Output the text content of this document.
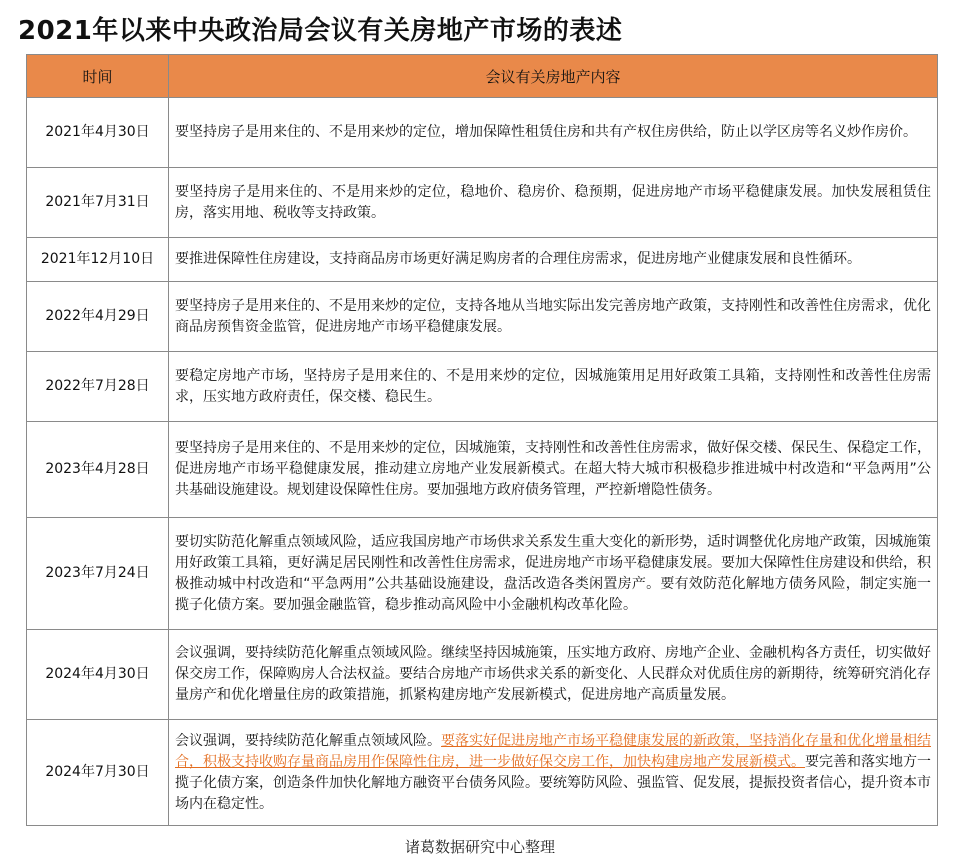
2021年以来中央政治局会议有关房地产市场的表述
时间	会议有关房地产内容
2021年4月30日	要坚持房子是用来住的、不是用来炒的定位，增加保障性租赁住房和共有产权住房供给，防止以学区房等名义炒作房价。
2021年7月31日	要坚持房子是用来住的、不是用来炒的定位，稳地价、稳房价、稳预期，促进房地产市场平稳健康发展。加快发展租赁住房，落实用地、税收等支持政策。
2021年12月10日	要推进保障性住房建设，支持商品房市场更好满足购房者的合理住房需求，促进房地产业健康发展和良性循环。
2022年4月29日	要坚持房子是用来住的、不是用来炒的定位，支持各地从当地实际出发完善房地产政策，支持刚性和改善性住房需求，优化商品房预售资金监管，促进房地产市场平稳健康发展。
2022年7月28日	要稳定房地产市场，坚持房子是用来住的、不是用来炒的定位，因城施策用足用好政策工具箱，支持刚性和改善性住房需求，压实地方政府责任，保交楼、稳民生。
2023年4月28日	要坚持房子是用来住的、不是用来炒的定位，因城施策，支持刚性和改善性住房需求，做好保交楼、保民生、保稳定工作，促进房地产市场平稳健康发展，推动建立房地产业发展新模式。在超大特大城市积极稳步推进城中村改造和“平急两用”公共基础设施建设。规划建设保障性住房。要加强地方政府债务管理，严控新增隐性债务。
2023年7月24日	要切实防范化解重点领域风险，适应我国房地产市场供求关系发生重大变化的新形势，适时调整优化房地产政策，因城施策用好政策工具箱，更好满足居民刚性和改善性住房需求，促进房地产市场平稳健康发展。要加大保障性住房建设和供给，积极推动城中村改造和“平急两用”公共基础设施建设，盘活改造各类闲置房产。要有效防范化解地方债务风险，制定实施一揽子化债方案。要加强金融监管，稳步推动高风险中小金融机构改革化险。
2024年4月30日	会议强调，要持续防范化解重点领域风险。继续坚持因城施策，压实地方政府、房地产企业、金融机构各方责任，切实做好保交房工作，保障购房人合法权益。要结合房地产市场供求关系的新变化、人民群众对优质住房的新期待，统筹研究消化存量房产和优化增量住房的政策措施，抓紧构建房地产发展新模式，促进房地产高质量发展。
2024年7月30日	会议强调，要持续防范化解重点领域风险。要落实好促进房地产市场平稳健康发展的新政策，坚持消化存量和优化增量相结合，积极支持收购存量商品房用作保障性住房，进一步做好保交房工作，加快构建房地产发展新模式。要完善和落实地方一揽子化债方案，创造条件加快化解地方融资平台债务风险。要统筹防风险、强监管、促发展，提振投资者信心，提升资本市场内在稳定性。
诸葛数据研究中心整理
